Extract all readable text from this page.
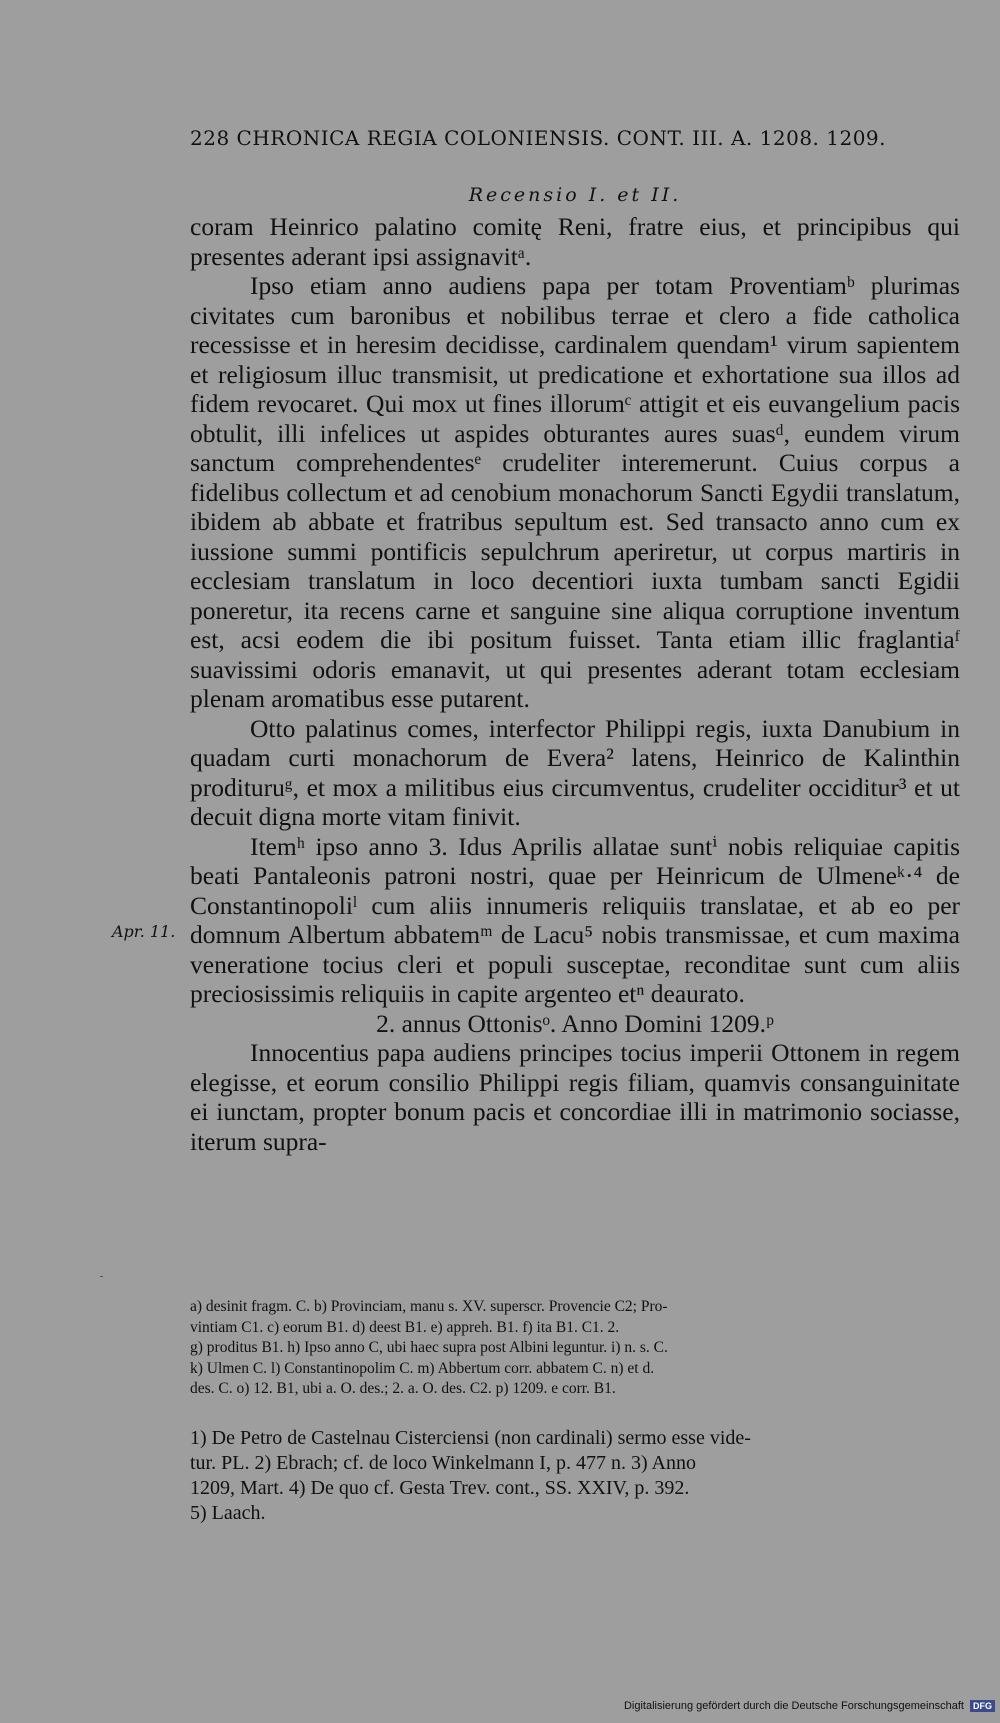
228 CHRONICA REGIA COLONIENSIS. CONT. III. A. 1208. 1209.
Recensio I. et II.

coram Heinrico palatino comitę Reni, fratre eius, et principibus qui presentes aderant ipsi assignavitᵃ.

Ipso etiam anno audiens papa per totam Proventiamᵇ plurimas civitates cum baronibus et nobilibus terrae et clero a fide catholica recessisse et in heresim decidisse, cardinalem quendam¹ virum sapientem et religiosum illuc transmisit, ut predicatione et exhortatione sua illos ad fidem revocaret. Qui mox ut fines illorumᶜ attigit et eis euvangelium pacis obtulit, illi infelices ut aspides obturantes aures suasᵈ, eundem virum sanctum comprehendentesᵉ crudeliter interemerunt. Cuius corpus a fidelibus collectum et ad cenobium monachorum Sancti Egydii translatum, ibidem ab abbate et fratribus sepultum est. Sed transacto anno cum ex iussione summi pontificis sepulchrum aperiretur, ut corpus martiris in ecclesiam translatum in loco decentiori iuxta tumbam sancti Egidii poneretur, ita recens carne et sanguine sine aliqua corruptione inventum est, acsi eodem die ibi positum fuisset. Tanta etiam illic fraglantiaᶠ suavissimi odoris emanavit, ut qui presentes aderant totam ecclesiam plenam aromatibus esse putarent.

Otto palatinus comes, interfector Philippi regis, iuxta Danubium in quadam curti monachorum de Evera² latens, Heinrico de Kalinthin prodituruᵍ, et mox a militibus eius circumventus, crudeliter occiditur³ et ut decuit digna morte vitam finivit.

Itemʰ ipso anno 3. Idus Aprilis allatae suntⁱ nobis reliquiae capitis beati Pantaleonis patroni nostri, quae per Heinricum de Ulmeneᵏ·⁴ de Constantinopoliˡ cum aliis innumeris reliquiis translatae, et ab eo per domnum Albertum abbatemᵐ de Lacu⁵ nobis transmissae, et cum maxima veneratione tocius cleri et populi susceptae, reconditae sunt cum aliis preciosissimis reliquiis in capite argenteo etⁿ deaurato.

2. annus Ottonisᵒ. Anno Domini 1209.ᵖ

Innocentius papa audiens principes tocius imperii Ottonem in regem elegisse, et eorum consilio Philippi regis filiam, quamvis consanguinitate ei iunctam, propter bonum pacis et concordiae illi in matrimonio sociasse, iterum supra-

Apr. 11.
a) desinit fragm. C. b) Provinciam, manu s. XV. superscr. Provencie C2; Pro-
vintiam C1. c) eorum B1. d) deest B1. e) appreh. B1. f) ita B1. C1. 2.
g) proditus B1. h) Ipso anno C, ubi haec supra post Albini leguntur. i) n. s. C.
k) Ulmen C. l) Constantinopolim C. m) Abbertum corr. abbatem C. n) et d.
des. C. o) 12. B1, ubi a. O. des.; 2. a. O. des. C2. p) 1209. e corr. B1.
1) De Petro de Castelnau Cisterciensi (non cardinali) sermo esse vide-
tur. PL. 2) Ebrach; cf. de loco Winkelmann I, p. 477 n. 3) Anno
1209, Mart. 4) De quo cf. Gesta Trev. cont., SS. XXIV, p. 392.
5) Laach.
Digitalisierung gefördert durch die Deutsche Forschungsgemeinschaft DFG
